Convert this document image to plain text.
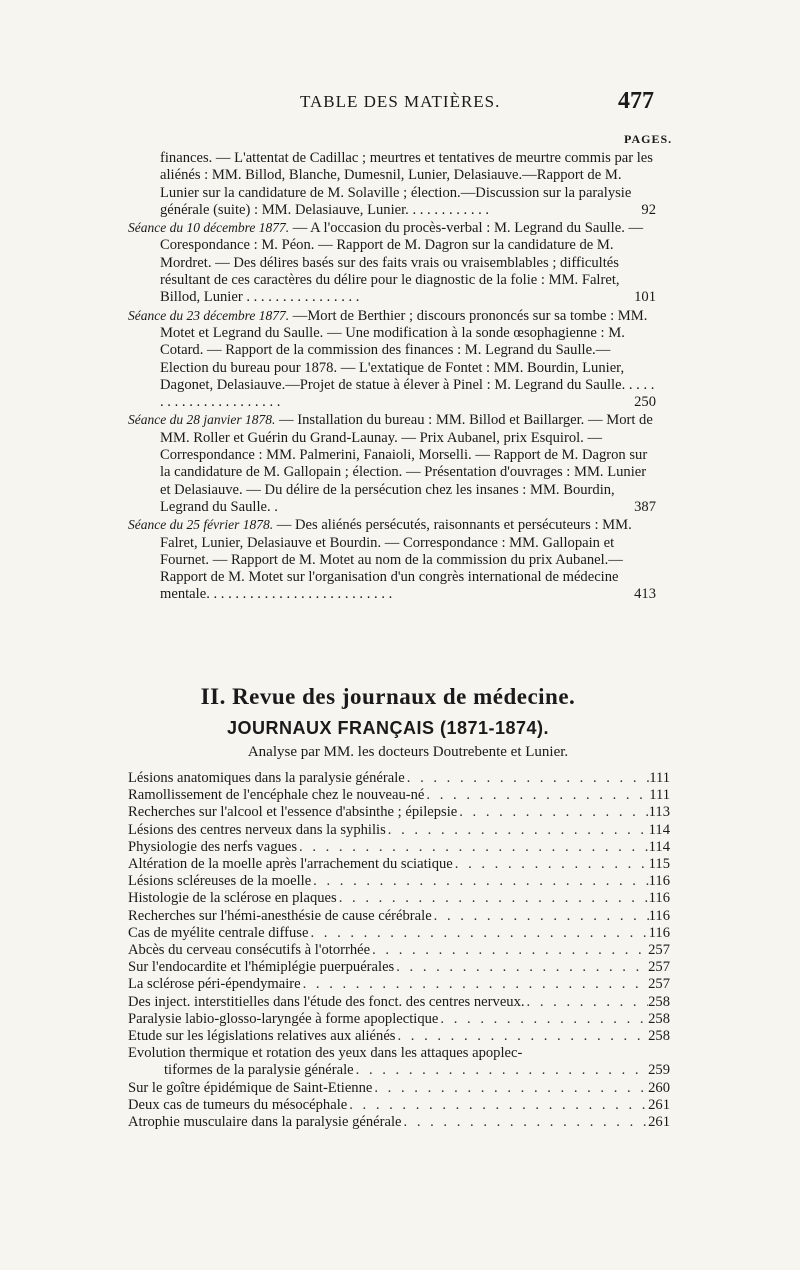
TABLE DES MATIÈRES.	477
PAGES.
finances. — L'attentat de Cadillac ; meurtres et tentatives de meurtre commis par les aliénés : MM. Billod, Blanche, Dumesnil, Lunier, Delasiauve.—Rapport de M. Lunier sur la candidature de M. Solaville ; élection.—Discussion sur la paralysie générale (suite) : MM. Delasiauve, Lunier. . . . . . . . . . . .	92
Séance du 10 décembre 1877. — A l'occasion du procès-verbal : M. Legrand du Saulle. — Corespondance : M. Péon. — Rapport de M. Dagron sur la candidature de M. Mordret. — Des délires basés sur des faits vrais ou vraisemblables ; difficultés résultant de ces caractères du délire pour le diagnostic de la folie : MM. Falret, Billod, Lunier . . . . . . . . . . . . . . . .	101
Séance du 23 décembre 1877. —Mort de Berthier ; discours prononcés sur sa tombe : MM. Motet et Legrand du Saulle. — Une modification à la sonde œsophagienne : M. Cotard. — Rapport de la commission des finances : M. Legrand du Saulle.—Election du bureau pour 1878. — L'extatique de Fontet : MM. Bourdin, Lunier, Dagonet, Delasiauve.—Projet de statue à élever à Pinel : M. Legrand du Saulle. . . . . . . . . . . . . . . . . . . . . .	250
Séance du 28 janvier 1878. — Installation du bureau : MM. Billod et Baillarger. — Mort de MM. Roller et Guérin du Grand-Launay. — Prix Aubanel, prix Esquirol. — Correspondance : MM. Palmerini, Fanaioli, Morselli. — Rapport de M. Dagron sur la candidature de M. Gallopain ; élection. — Présentation d'ouvrages : MM. Lunier et Delasiauve. — Du délire de la persécution chez les insanes : MM. Bourdin, Legrand du Saulle. .	387
Séance du 25 février 1878. — Des aliénés persécutés, raisonnants et persécuteurs : MM. Falret, Lunier, Delasiauve et Bourdin. — Correspondance : MM. Gallopain et Fournet. — Rapport de M. Motet au nom de la commission du prix Aubanel.—Rapport de M. Motet sur l'organisation d'un congrès international de médecine mentale. . . . . . . . . . . . . . . . . . . . . . . . . .	413
II. Revue des journaux de médecine.
JOURNAUX FRANÇAIS (1871-1874).
Analyse par MM. les docteurs Doutrebente et Lunier.
Lésions anatomiques dans la paralysie générale . . .	111
Ramollissement de l'encéphale chez le nouveau-né . . .	111
Recherches sur l'alcool et l'essence d'absinthe ; épilepsie . . .	113
Lésions des centres nerveux dans la syphilis . . .	114
Physiologie des nerfs vagues . . .	114
Altération de la moelle après l'arrachement du sciatique . . .	115
Lésions scléreuses de la moelle . . .	116
Histologie de la sclérose en plaques . . .	116
Recherches sur l'hémi-anesthésie de cause cérébrale . . .	116
Cas de myélite centrale diffuse . . .	116
Abcès du cerveau consécutifs à l'otorrhée . . .	257
Sur l'endocardite et l'hémiplégie puerpuérales . . .	257
La sclérose péri-épendymaire . . .	257
Des inject. interstitielles dans l'étude des fonct. des centres nerveux. . . .	258
Paralysie labio-glosso-laryngée à forme apoplectique . . .	258
Etude sur les législations relatives aux aliénés . . .	258
Evolution thermique et rotation des yeux dans les attaques apoplec-
tiformes de la paralysie générale . . .	259
Sur le goître épidémique de Saint-Etienne . . .	260
Deux cas de tumeurs du mésocéphale . . .	261
Atrophie musculaire dans la paralysie générale . . .	261
